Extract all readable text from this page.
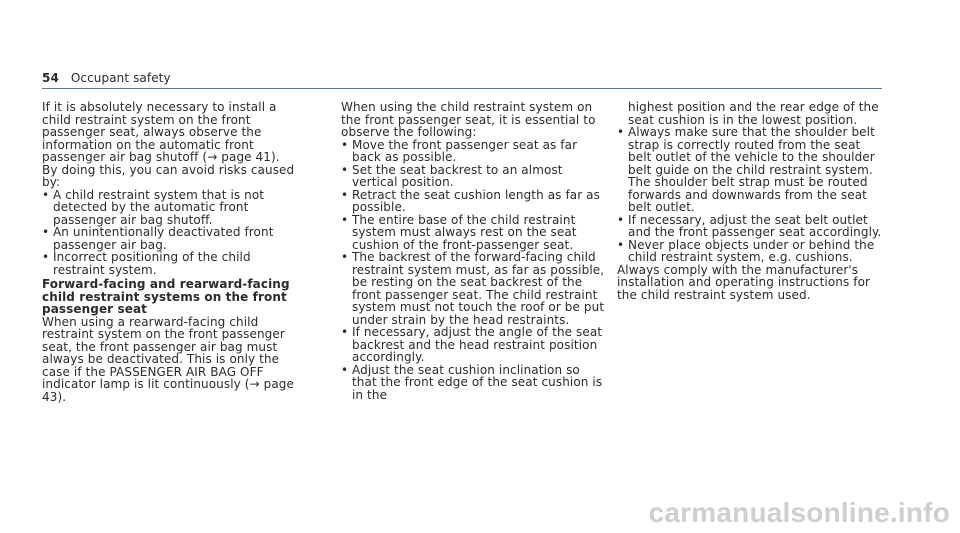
54 Occupant safety

If it is absolutely necessary to install a child restraint system on the front passenger seat, always observe the information on the automatic front passenger air bag shutoff (→ page 41).

By doing this, you can avoid risks caused by:

• A child restraint system that is not detected by the automatic front passenger air bag shutoff.
• An unintentionally deactivated front passenger air bag.
• Incorrect positioning of the child restraint system.
Forward-facing and rearward-facing child restraint systems on the front passenger seat

When using a rearward-facing child restraint system on the front passenger seat, the front passenger air bag must always be deactivated. This is only the case if the PASSENGER AIR BAG OFF indicator lamp is lit continuously (→ page 43).

When using the child restraint system on the front passenger seat, it is essential to observe the following:

• Move the front passenger seat as far back as possible.
• Set the seat backrest to an almost vertical position.
• Retract the seat cushion length as far as possible.
• The entire base of the child restraint system must always rest on the seat cushion of the front-passenger seat.
• The backrest of the forward-facing child restraint system must, as far as possible, be resting on the seat backrest of the front passenger seat. The child restraint system must not touch the roof or be put under strain by the head restraints.
• If necessary, adjust the angle of the seat backrest and the head restraint position accordingly.
• Adjust the seat cushion inclination so that the front edge of the seat cushion is in the
highest position and the rear edge of the seat cushion is in the lowest position.
• Always make sure that the shoulder belt strap is correctly routed from the seat belt outlet of the vehicle to the shoulder belt guide on the child restraint system. The shoulder belt strap must be routed forwards and downwards from the seat belt outlet.
• If necessary, adjust the seat belt outlet and the front passenger seat accordingly.
• Never place objects under or behind the child restraint system, e.g. cushions.

Always comply with the manufacturer's installation and operating instructions for the child restraint system used.

carmanualsonline.info
